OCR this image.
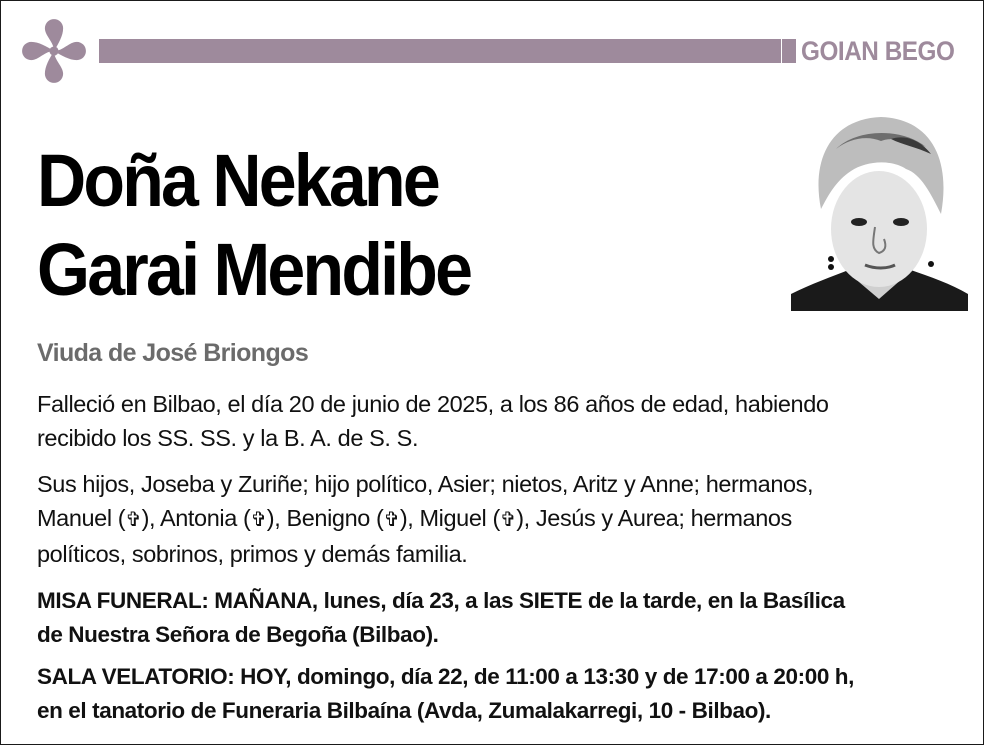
GOIAN BEGO
Doña Nekane
Garai Mendibe
Viuda de José Briongos
Falleció en Bilbao, el día 20 de junio de 2025, a los 86 años de edad, habiendo
recibido los SS. SS. y la B. A. de S. S.
Sus hijos, Joseba y Zuriñe; hijo político, Asier; nietos, Aritz y Anne; hermanos,
Manuel (✞), Antonia (✞), Benigno (✞), Miguel (✞), Jesús y Aurea; hermanos
políticos, sobrinos, primos y demás familia.
MISA FUNERAL: MAÑANA, lunes, día 23, a las SIETE de la tarde, en la Basílica
de Nuestra Señora de Begoña (Bilbao).
SALA VELATORIO: HOY, domingo, día 22, de 11:00 a 13:30 y de 17:00 a 20:00 h,
en el tanatorio de Funeraria Bilbaína (Avda, Zumalakarregi, 10 - Bilbao).
